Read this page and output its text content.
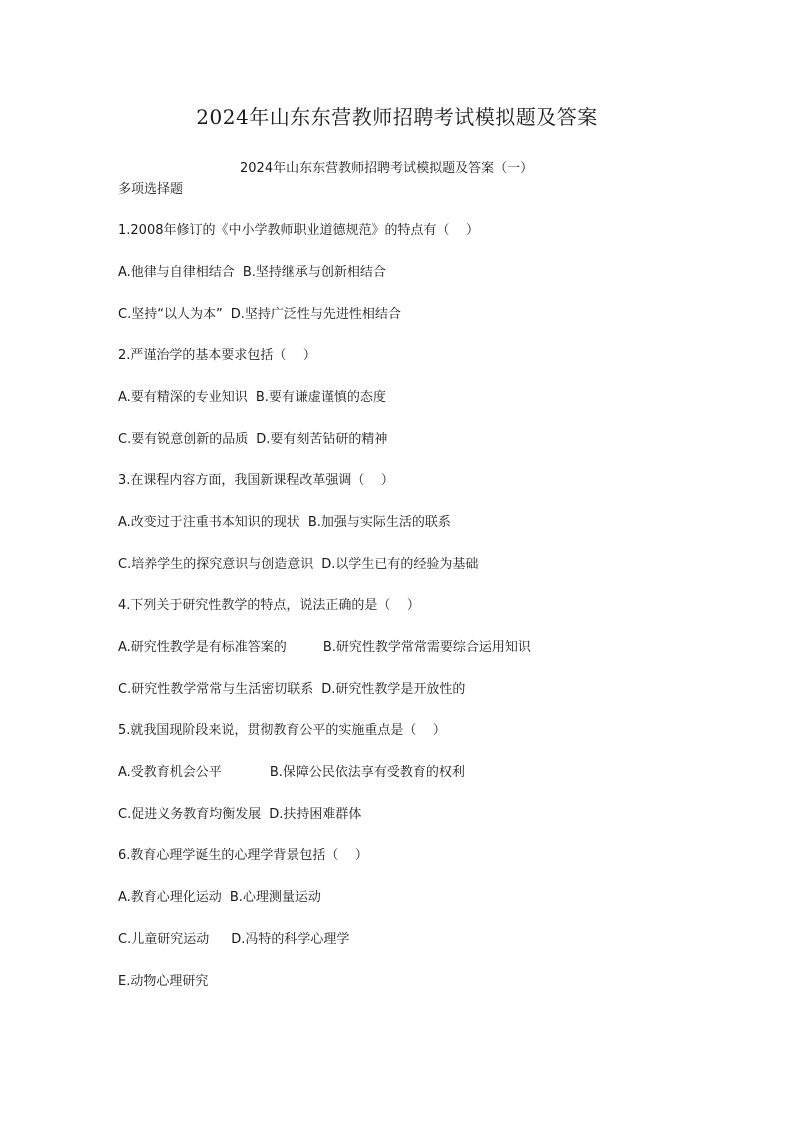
2024年山东东营教师招聘考试模拟题及答案
2024年山东东营教师招聘考试模拟题及答案（一）
多项选择题
1.2008年修订的《中小学教师职业道德规范》的特点有（    ）
A.他律与自律相结合 B.坚持继承与创新相结合
C.坚持“以人为本” D.坚持广泛性与先进性相结合
2.严谨治学的基本要求包括（    ）
A.要有精深的专业知识 B.要有谦虚谨慎的态度
C.要有锐意创新的品质 D.要有刻苦钻研的精神
3.在课程内容方面，我国新课程改革强调（    ）
A.改变过于注重书本知识的现状 B.加强与实际生活的联系
C.培养学生的探究意识与创造意识 D.以学生已有的经验为基础
4.下列关于研究性教学的特点，说法正确的是（    ）
A.研究性教学是有标准答案的	B.研究性教学常常需要综合运用知识
C.研究性教学常常与生活密切联系 D.研究性教学是开放性的
5.就我国现阶段来说，贯彻教育公平的实施重点是（    ）
A.受教育机会公平	B.保障公民依法享有受教育的权利
C.促进义务教育均衡发展 D.扶持困难群体
6.教育心理学诞生的心理学背景包括（    ）
A.教育心理化运动 B.心理测量运动
C.儿童研究运动 D.冯特的科学心理学
E.动物心理研究
